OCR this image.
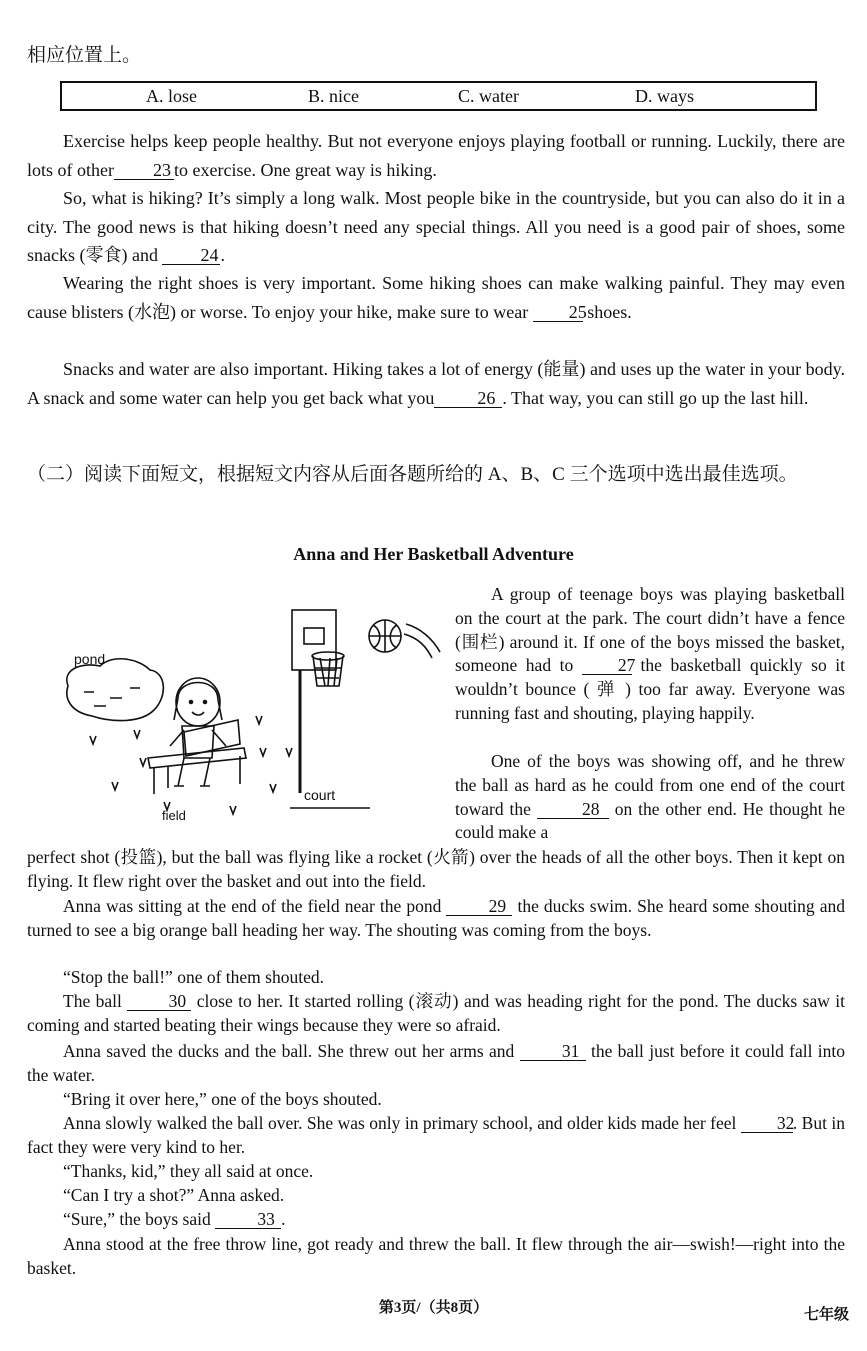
相应位置上。
A. lose	B. nice	C. water	D. ways
Exercise helps keep people healthy. But not everyone enjoys playing football or running. Luckily, there are lots of other 23 to exercise. One great way is hiking.
So, what is hiking? It’s simply a long walk. Most people bike in the countryside, but you can also do it in a city. The good news is that hiking doesn’t need any special things. All you need is a good pair of shoes, some snacks (零食) and 24 .
Wearing the right shoes is very important. Some hiking shoes can make walking painful. They may even cause blisters (水泡) or worse. To enjoy your hike, make sure to wear 25 shoes.
Snacks and water are also important. Hiking takes a lot of energy (能量) and uses up the water in your body. A snack and some water can help you get back what you 26 . That way, you can still go up the last hill.
（二）阅读下面短文，根据短文内容从后面各题所给的 A、B、C 三个选项中选出最佳选项。
Anna and Her Basketball Adventure
pond
field
court
A group of teenage boys was playing basketball on the court at the park. The court didn’t have a fence (围栏) around it. If one of the boys missed the basket, someone had to	27 the basketball quickly so it wouldn’t bounce ( 弹 ) too far away. Everyone was running fast and shouting, playing happily.
One of the boys was showing off, and he threw the ball as hard as he could from one end of the court toward the	28 on the other end. He thought he could make a
perfect shot (投篮), but the ball was flying like a rocket (火箭) over the heads of all the other boys. Then it kept on flying. It flew right over the basket and out into the field.
Anna was sitting at the end of the field near the pond	29 the ducks swim. She heard some shouting and turned to see a big orange ball heading her way. The shouting was coming from the boys.
“Stop the ball!” one of them shouted.
The ball	30 close to her. It started rolling (滚动) and was heading right for the pond. The ducks saw it coming and started beating their wings because they were so afraid.
Anna saved the ducks and the ball. She threw out her arms and	31 the ball just before it could fall into the water.
“Bring it over here,” one of the boys shouted.
Anna slowly walked the ball over. She was only in primary school, and older kids made her feel 32. But in fact they were very kind to her.
“Thanks, kid,” they all said at once.
“Can I try a shot?” Anna asked.
“Sure,” the boys said	33 .
Anna stood at the free throw line, got ready and threw the ball. It flew through the air—swish!—right into the basket.
第3页/（共8页）	七年级
